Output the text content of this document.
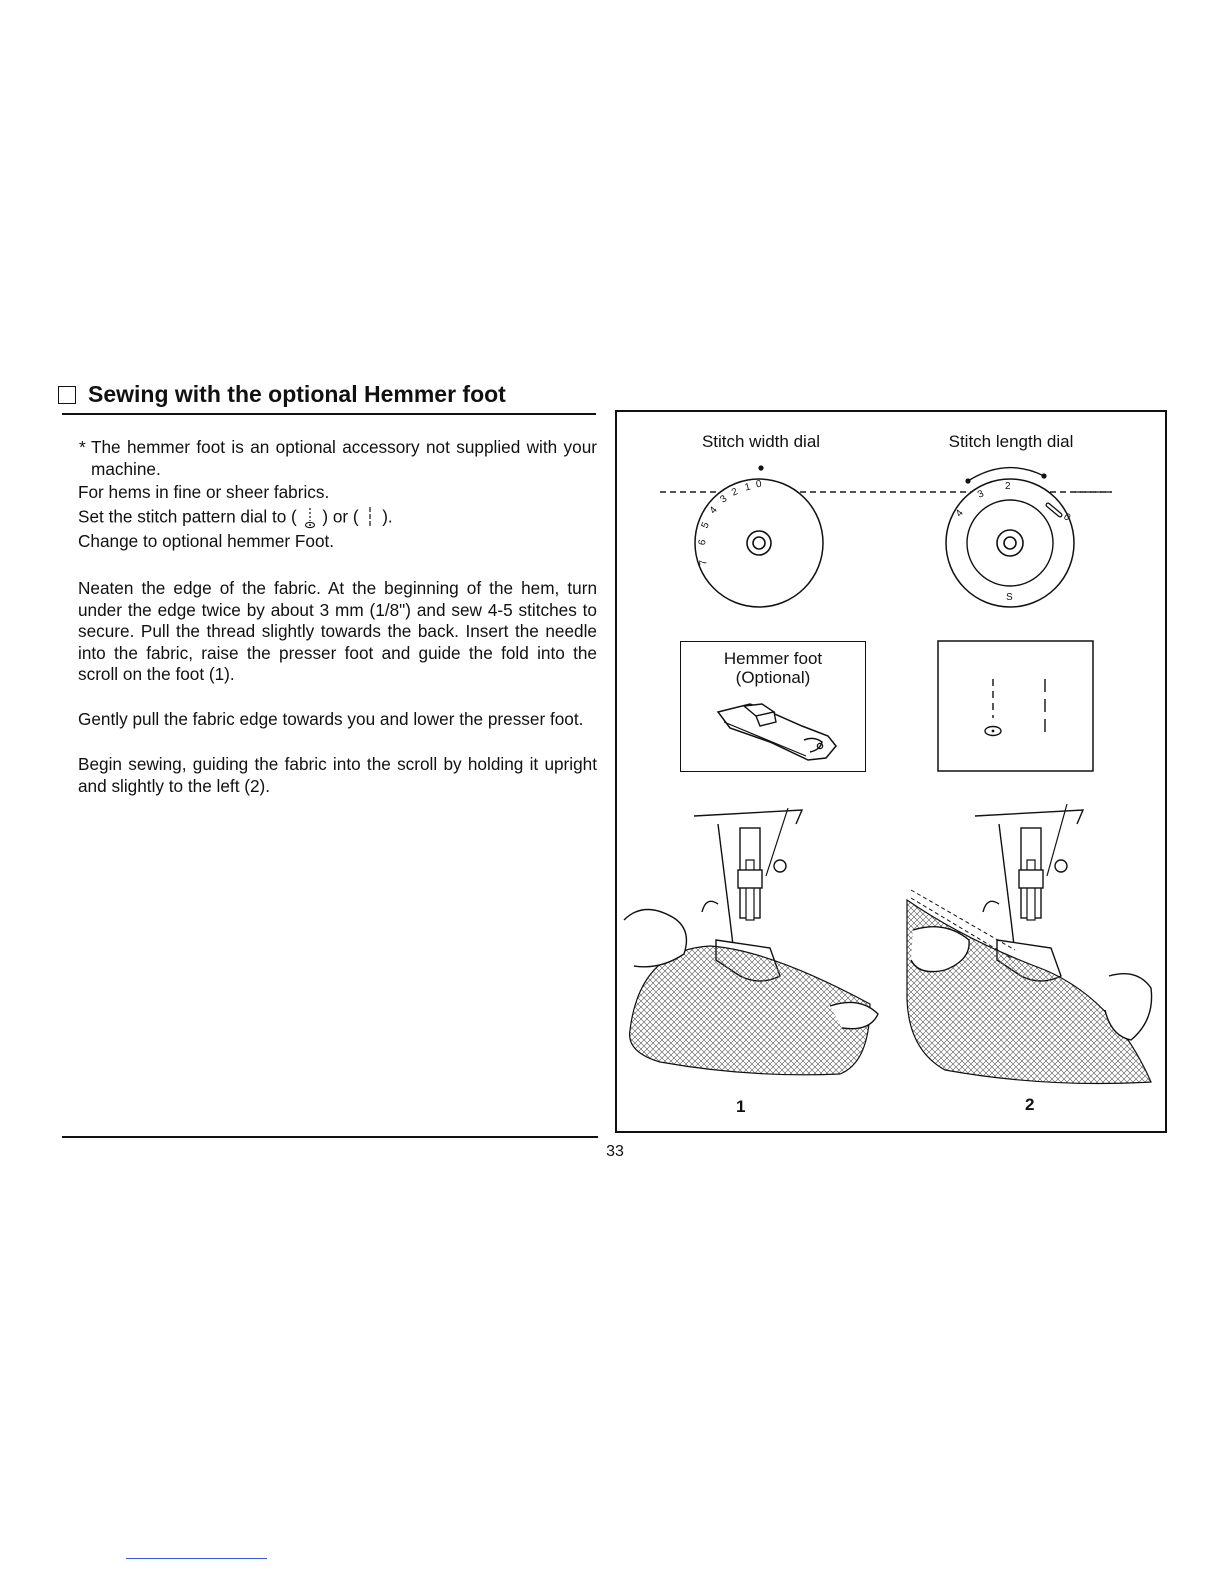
Sewing with the optional Hemmer foot
* The hemmer foot is an optional accessory not supplied with your machine.
For hems in fine or sheer fabrics.
Set the stitch pattern dial to ( ) or ( ).
Change to optional hemmer Foot.
Neaten the edge of the fabric. At the beginning of the hem, turn under the edge twice by about 3 mm (1/8") and sew 4-5 stitches to secure. Pull the thread slightly towards the back. Insert the needle into the fabric, raise the presser foot and guide the fold into the scroll on the foot (1).
Gently pull the fabric edge towards you and lower the presser foot.
Begin sewing, guiding the fabric into the scroll by holding it upright and slightly to the left (2).
Stitch width dial	Stitch length dial
0
1
2
3
4
5
6
7
0
2
3
4
S
Hemmer foot
(Optional)
1	2
33
